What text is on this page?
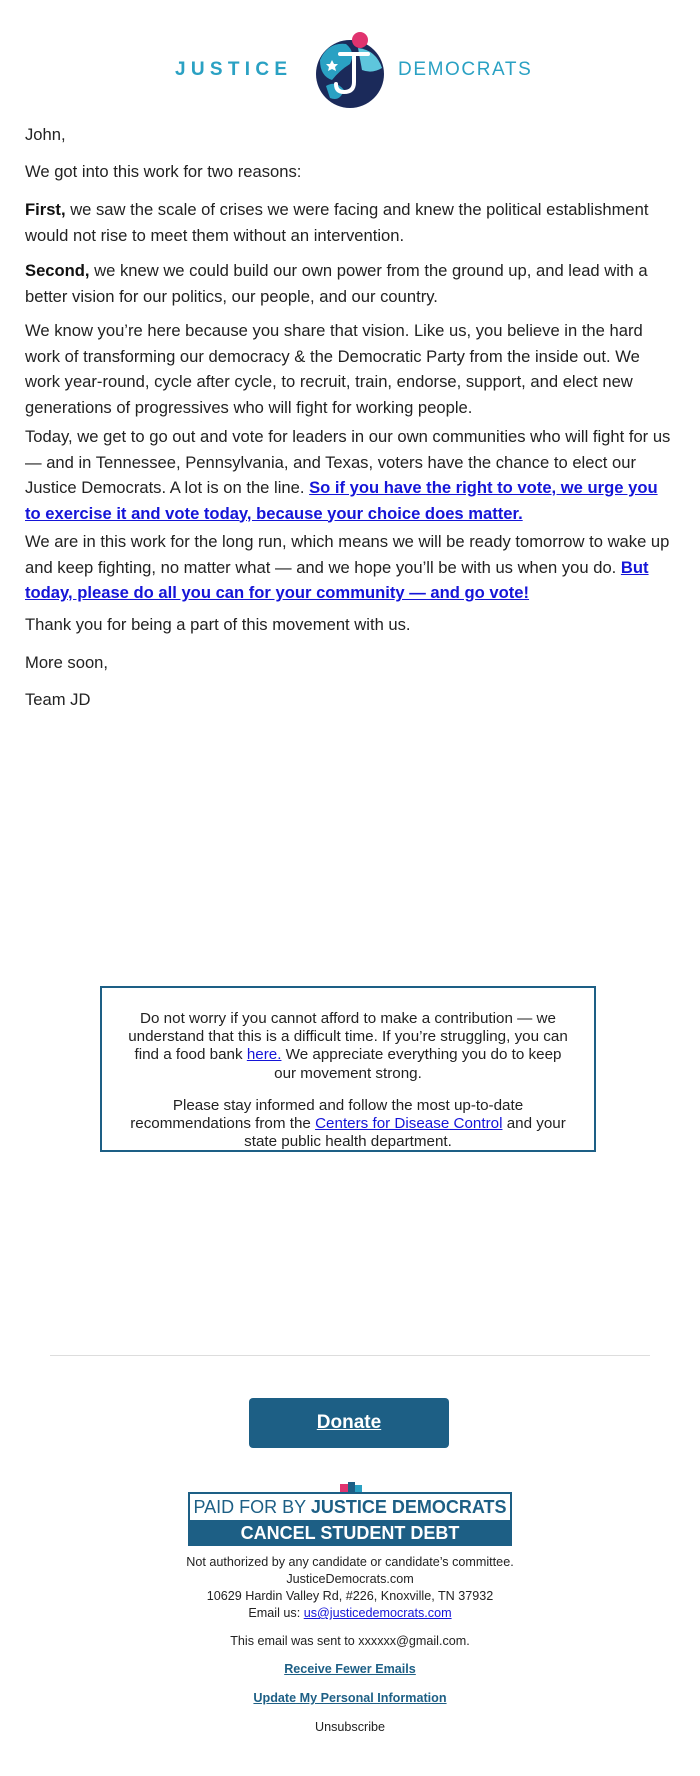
JUSTICE	DEMOCRATS

John,

We got into this work for two reasons:

First, we saw the scale of crises we were facing and knew the political establishment would not rise to meet them without an intervention.

Second, we knew we could build our own power from the ground up, and lead with a better vision for our politics, our people, and our country.

We know you’re here because you share that vision. Like us, you believe in the hard work of transforming our democracy & the Democratic Party from the inside out. We work year-round, cycle after cycle, to recruit, train, endorse, support, and elect new generations of progressives who will fight for working people.

Today, we get to go out and vote for leaders in our own communities who will fight for us — and in Tennessee, Pennsylvania, and Texas, voters have the chance to elect our Justice Democrats. A lot is on the line. So if you have the right to vote, we urge you to exercise it and vote today, because your choice does matter.

We are in this work for the long run, which means we will be ready tomorrow to wake up and keep fighting, no matter what — and we hope you’ll be with us when you do. But today, please do all you can for your community — and go vote!

Thank you for being a part of this movement with us.

More soon,

Team JD

Do not worry if you cannot afford to make a contribution — we understand that this is a difficult time. If you’re struggling, you can find a food bank here. We appreciate everything you do to keep our movement strong.

Please stay informed and follow the most up-to-date recommendations from the Centers for Disease Control and your state public health department.

Donate
PAID FOR BY JUSTICE DEMOCRATS
CANCEL STUDENT DEBT
Not authorized by any candidate or candidate’s committee.
JusticeDemocrats.com
10629 Hardin Valley Rd, #226, Knoxville, TN 37932
Email us: us@justicedemocrats.com
This email was sent to xxxxxx@gmail.com.
Receive Fewer Emails
Update My Personal Information
Unsubscribe
